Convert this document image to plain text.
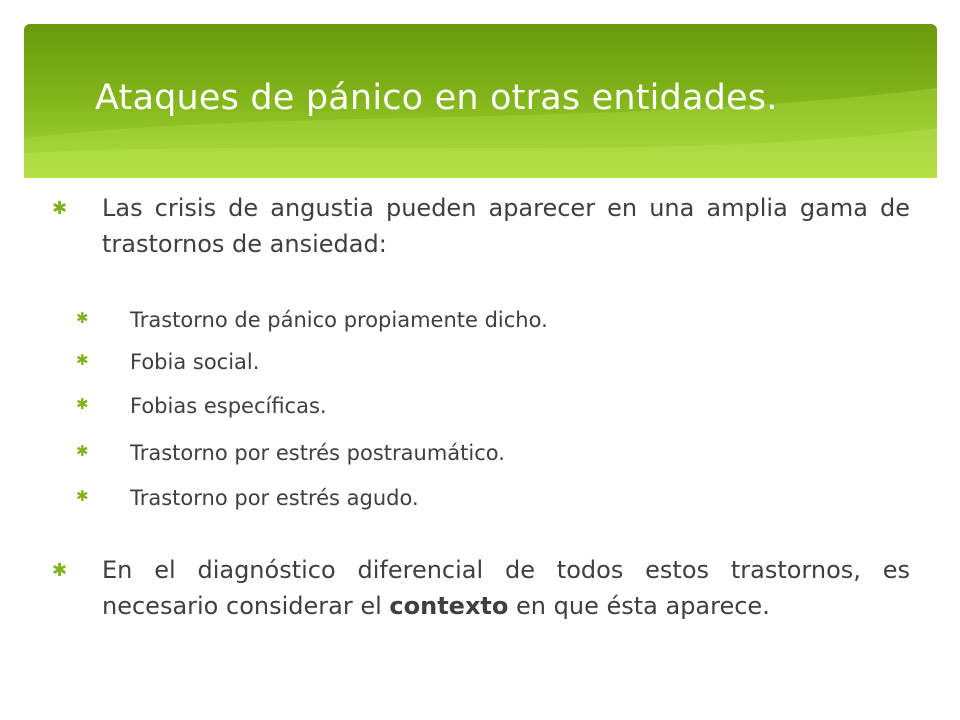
Ataques de pánico en otras entidades.
✱ Las crisis de angustia pueden aparecer en una amplia gama de trastornos de ansiedad:
✱ Trastorno de pánico propiamente dicho.
✱ Fobia social.
✱ Fobias específicas.
✱ Trastorno por estrés postraumático.
✱ Trastorno por estrés agudo.
✱ En el diagnóstico diferencial de todos estos trastornos, es necesario considerar el contexto en que ésta aparece.
